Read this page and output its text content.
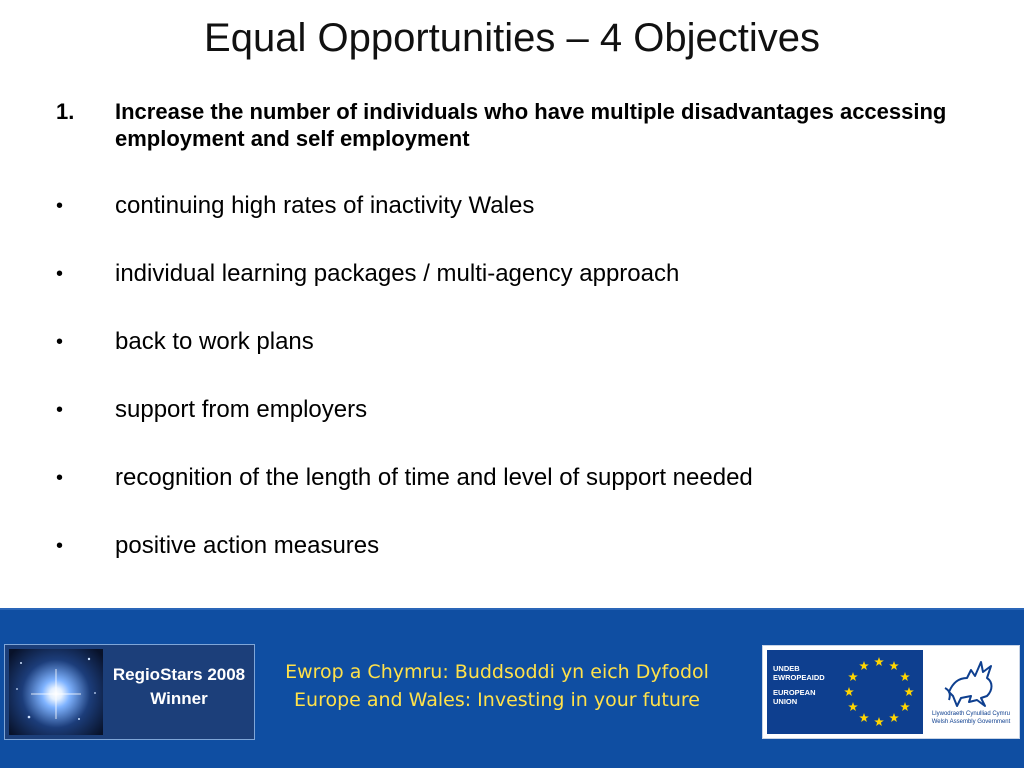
Equal Opportunities – 4 Objectives
1. Increase the number of individuals who have multiple disadvantages accessing employment and self employment
• continuing high rates of inactivity Wales
• individual learning packages / multi-agency approach
• back to work plans
• support from employers
• recognition of the length of time and level of support needed
• positive action measures
RegioStars 2008
Winner
Ewrop a Chymru: Buddsoddi yn eich Dyfodol
Europe and Wales: Investing in your future
UNDEB
EWROPEAIDD
EUROPEAN
UNION
Llywodraeth Cynulliad Cymru
Welsh Assembly Government
